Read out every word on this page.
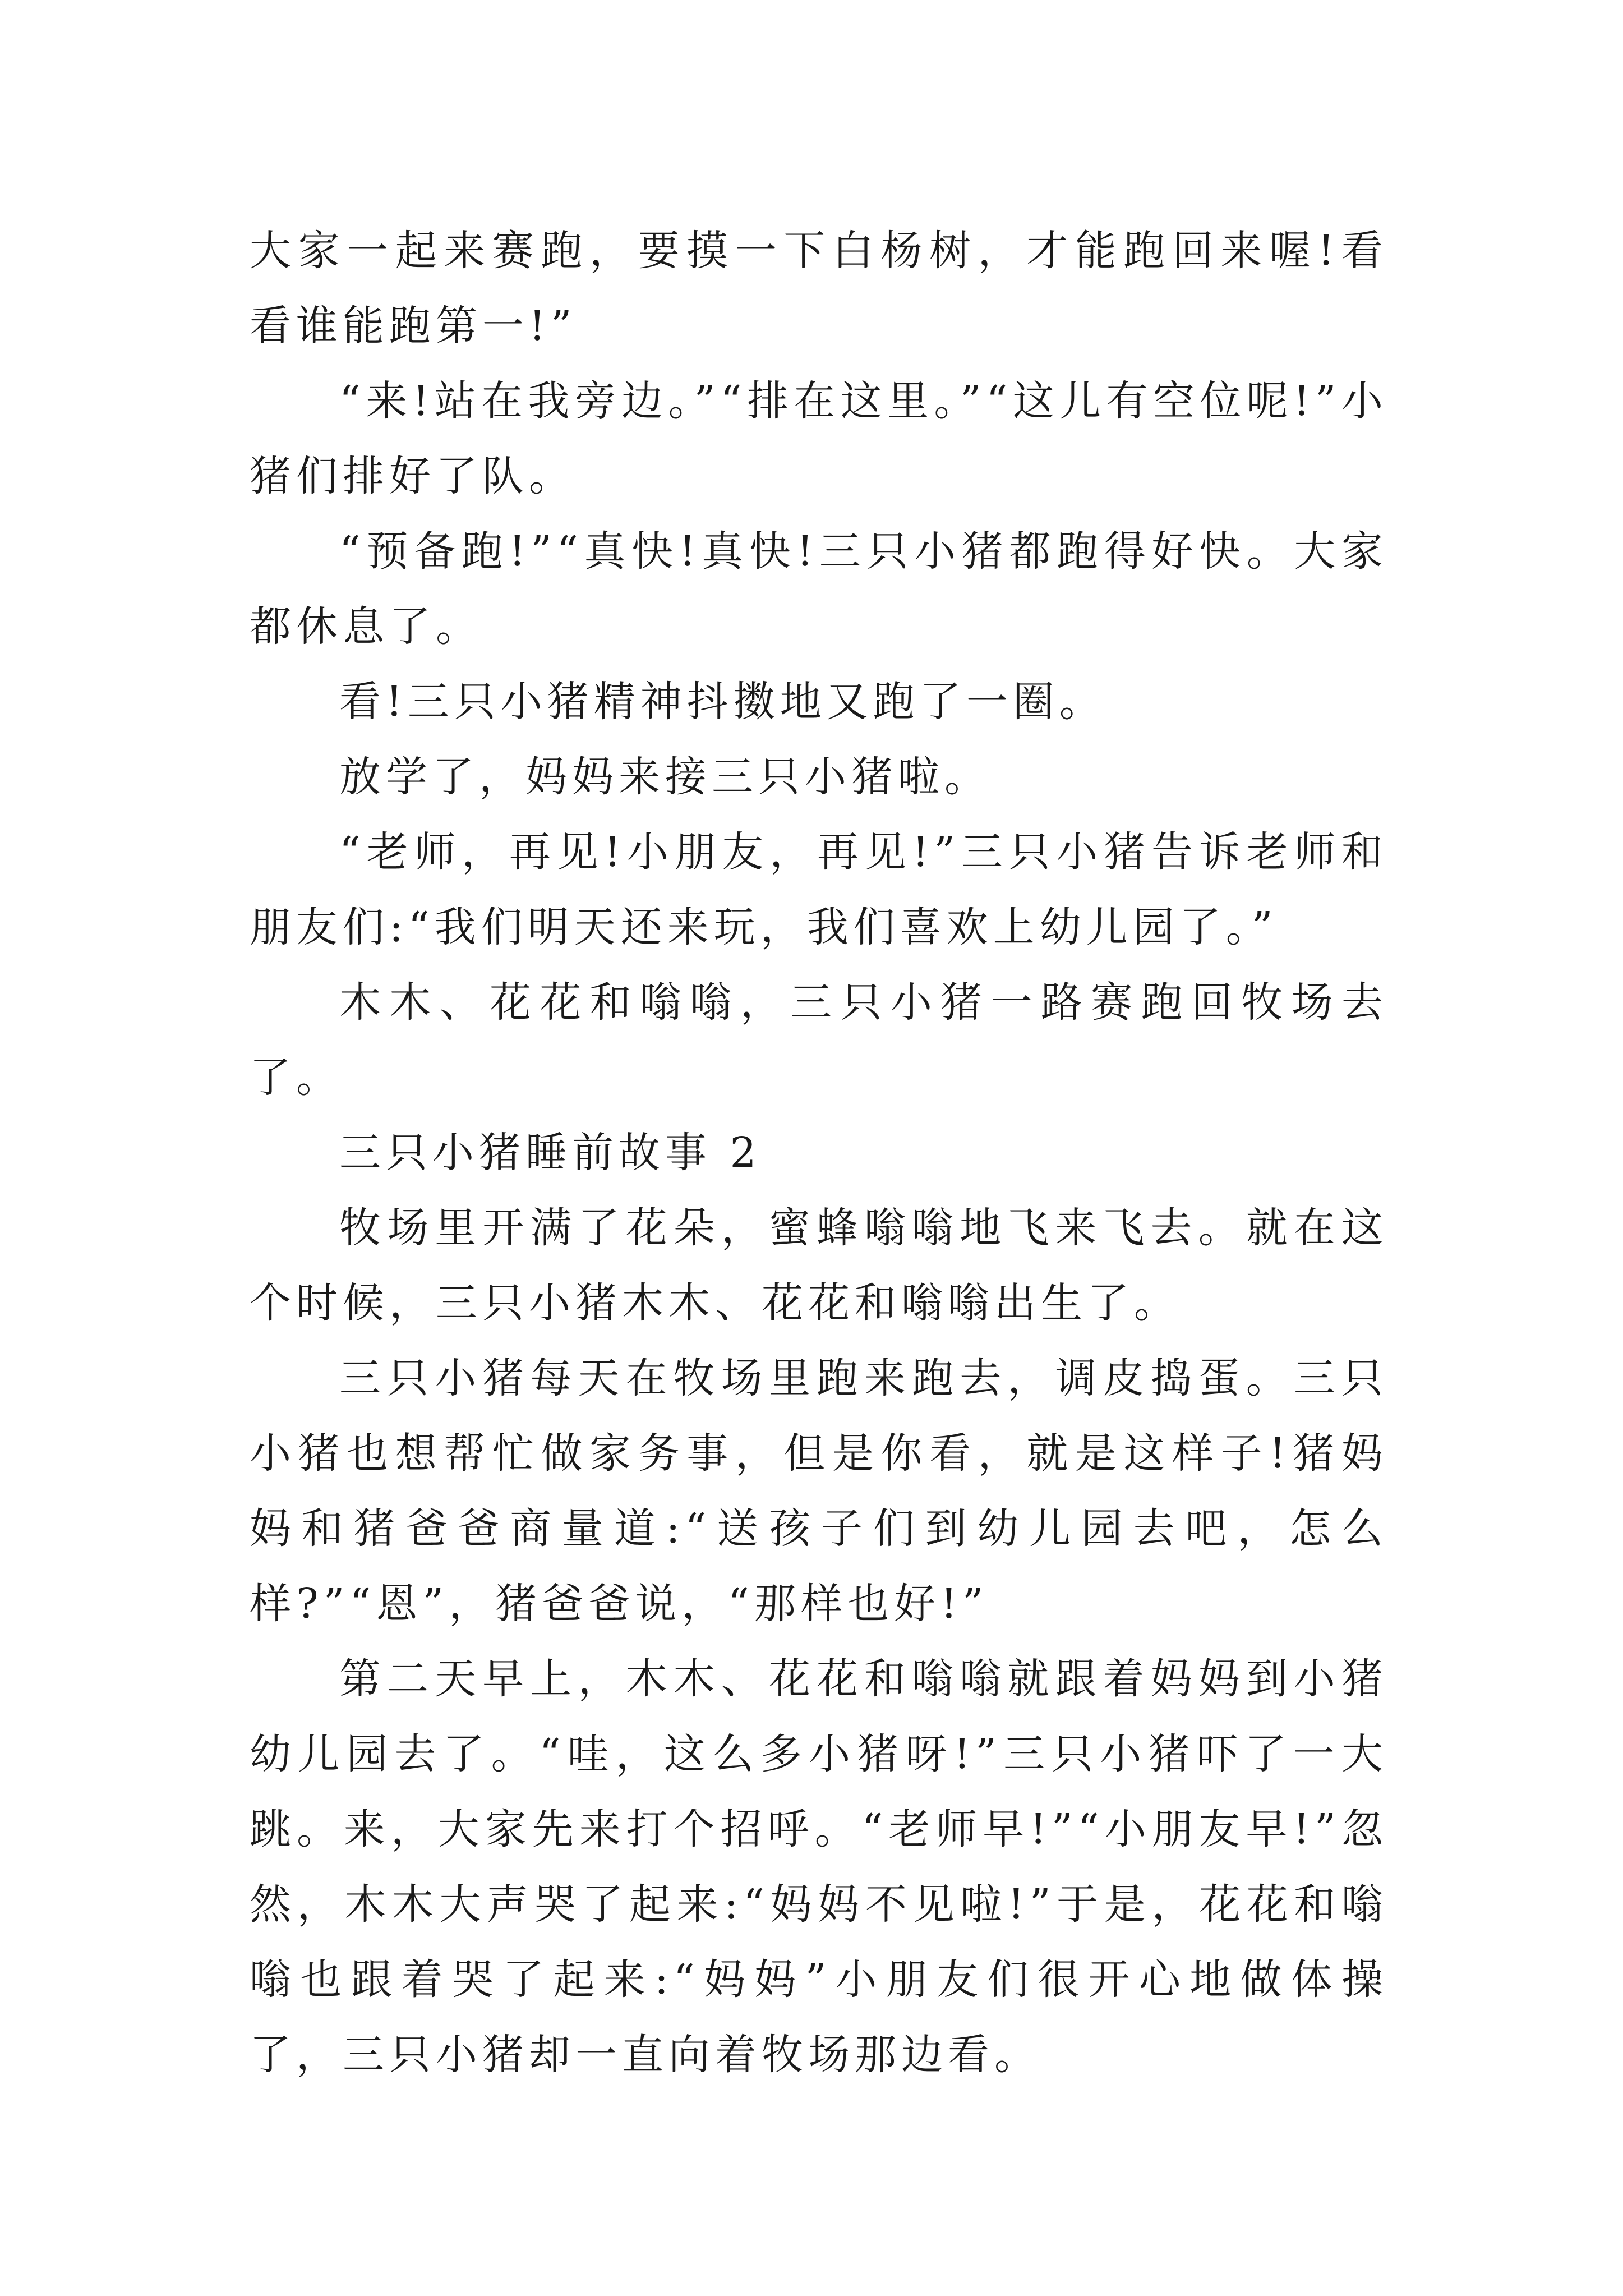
大家一起来赛跑，要摸一下白杨树，才能跑回来喔!看看谁能跑第一!”

“来!站在我旁边。”“排在这里。”“这儿有空位呢!”小猪们排好了队。

“预备跑!”“真快!真快!三只小猪都跑得好快。大家都休息了。

看!三只小猪精神抖擞地又跑了一圈。

放学了，妈妈来接三只小猪啦。

“老师，再见!小朋友，再见!”三只小猪告诉老师和朋友们:“我们明天还来玩，我们喜欢上幼儿园了。”

木木、花花和嗡嗡，三只小猪一路赛跑回牧场去了。

三只小猪睡前故事 2

牧场里开满了花朵，蜜蜂嗡嗡地飞来飞去。就在这个时候，三只小猪木木、花花和嗡嗡出生了。

三只小猪每天在牧场里跑来跑去，调皮捣蛋。三只小猪也想帮忙做家务事，但是你看，就是这样子!猪妈妈和猪爸爸商量道:“送孩子们到幼儿园去吧，怎么样?”“恩”，猪爸爸说，“那样也好!”

第二天早上，木木、花花和嗡嗡就跟着妈妈到小猪幼儿园去了。“哇，这么多小猪呀!”三只小猪吓了一大跳。来，大家先来打个招呼。“老师早!”“小朋友早!”忽然，木木大声哭了起来:“妈妈不见啦!”于是，花花和嗡嗡也跟着哭了起来:“妈妈”小朋友们很开心地做体操了，三只小猪却一直向着牧场那边看。
